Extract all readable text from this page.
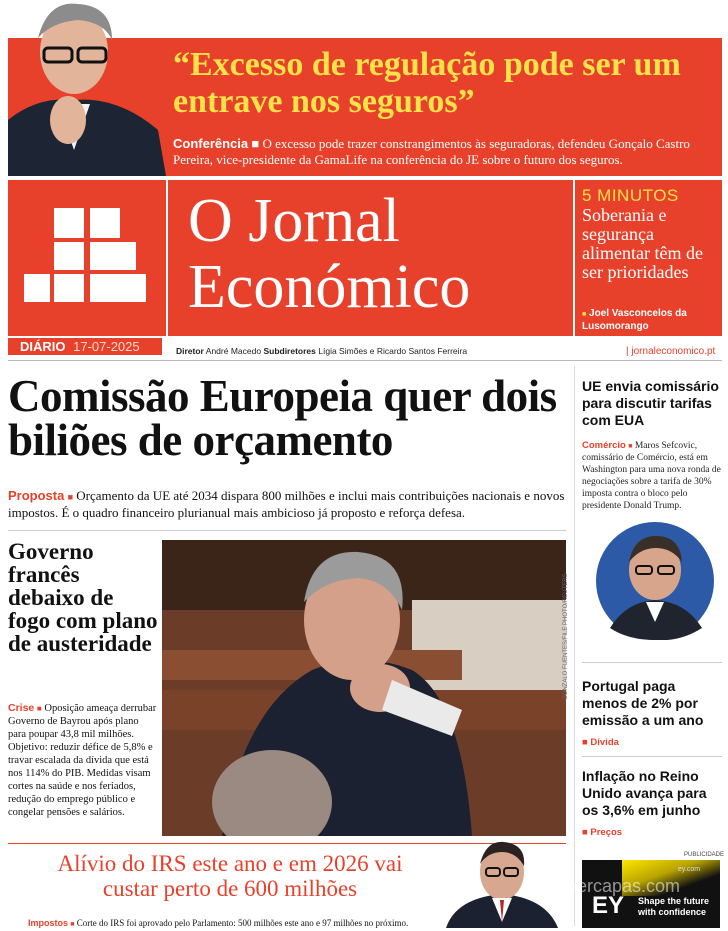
“Excesso de regulação pode ser um entrave nos seguros”
Conferência ■ O excesso pode trazer constrangimentos às seguradoras, defendeu Gonçalo Castro Pereira, vice-presidente da GamaLife na conferência do JE sobre o futuro dos seguros.
O Jornal Económico
5 MINUTOS
Soberania e segurança alimentar têm de ser prioridades
■ Joel Vasconcelos da Lusomorango
DIÁRIO 17-07-2025	Diretor André Macedo Subdiretores Lígia Simões e Ricardo Santos Ferreira	| jornaleconomico.pt
Comissão Europeia quer dois biliões de orçamento
Proposta ■ Orçamento da UE até 2034 dispara 800 milhões e inclui mais contribuições nacionais e novos impostos. É o quadro financeiro plurianual mais ambicioso já proposto e reforça defesa.
Governo francês debaixo de fogo com plano de austeridade
Crise ■ Oposição ameaça derrubar Governo de Bayrou após plano para poupar 43,8 mil milhões. Objetivo: reduzir défice de 5,8% e travar escalada da dívida que está nos 114% do PIB. Medidas visam cortes na saúde e nos feriados, redução do emprego público e congelar pensões e salários.
GONZALO FUENTES/FILE PHOTO/REUTERS
Alívio do IRS este ano e em 2026 vai custar perto de 600 milhões
Impostos ■ Corte do IRS foi aprovado pelo Parlamento: 500 milhões este ano e 97 milhões no próximo.
UE envia comissário para discutir tarifas com EUA
Comércio ■ Maros Sefcovic, comissário de Comércio, está em Washington para uma nova ronda de negociações sobre a tarifa de 30% imposta contra o bloco pelo presidente Donald Trump.
Portugal paga menos de 2% por emissão a um ano
■ Dívida
Inflação no Reino Unido avança para os 3,6% em junho
■ Preços
PUBLICIDADE
ey.com
EY Shape the future with confidence
vercapas.com
